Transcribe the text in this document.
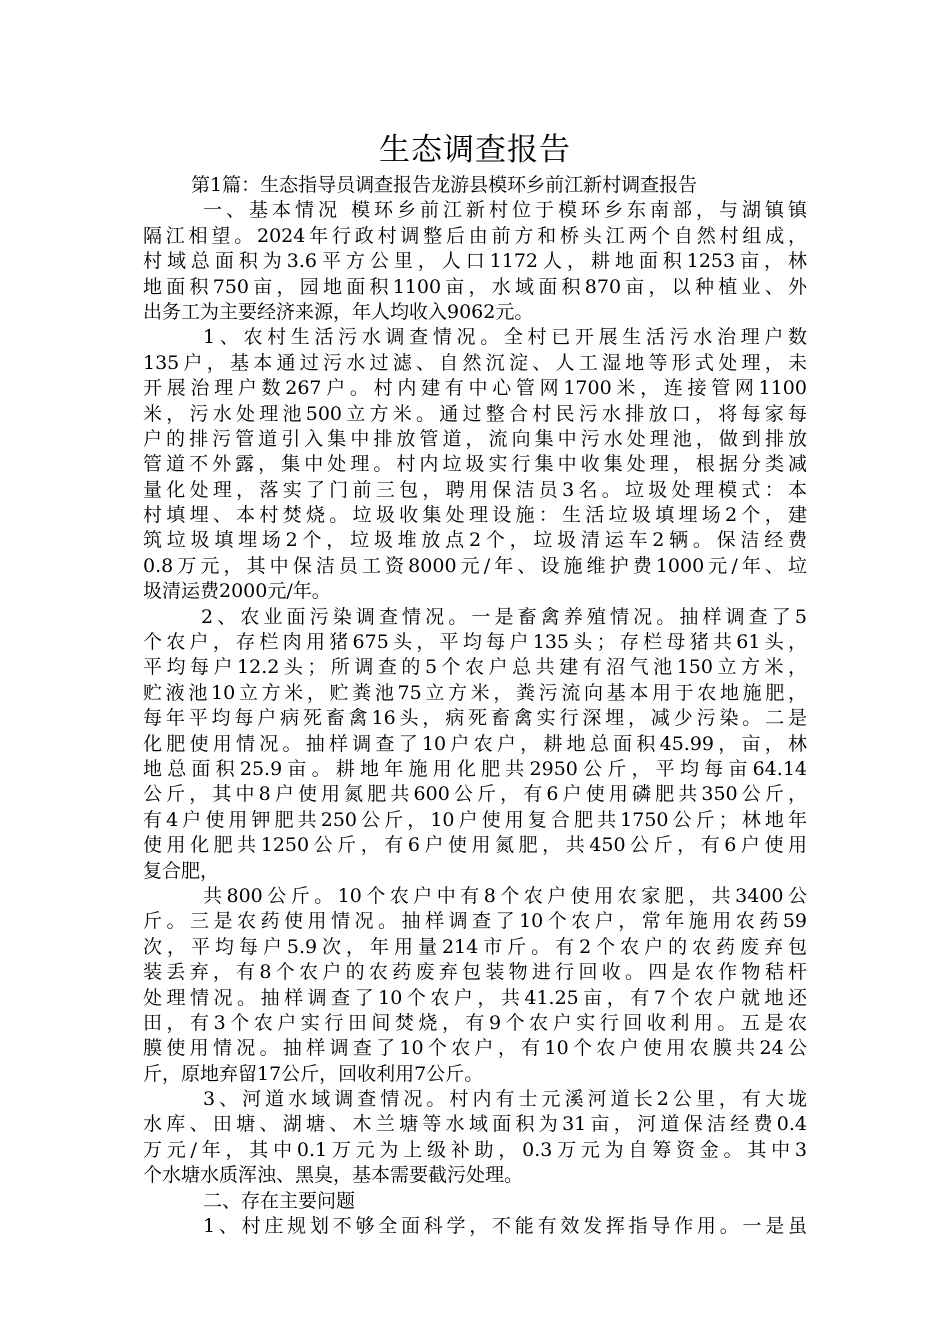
生态调查报告
第1篇：生态指导员调查报告龙游县模环乡前江新村调查报告
一、基本情况 模环乡前江新村位于模环乡东南部，与湖镇镇
隔江相望。2024年行政村调整后由前方和桥头江两个自然村组成，
村域总面积为3.6平方公里，人口1172人，耕地面积1253亩，林
地面积750亩，园地面积1100亩，水域面积870亩，以种植业、外
出务工为主要经济来源，年人均收入9062元。
1、农村生活污水调查情况。全村已开展生活污水治理户数
135户，基本通过污水过滤、自然沉淀、人工湿地等形式处理，未
开展治理户数267户。村内建有中心管网1700米，连接管网1100
米，污水处理池500立方米。通过整合村民污水排放口，将每家每
户的排污管道引入集中排放管道，流向集中污水处理池，做到排放
管道不外露，集中处理。村内垃圾实行集中收集处理，根据分类减
量化处理，落实了门前三包，聘用保洁员3名。垃圾处理模式：本
村填埋、本村焚烧。垃圾收集处理设施：生活垃圾填埋场2个，建
筑垃圾填埋场2个，垃圾堆放点2个，垃圾清运车2辆。保洁经费
0.8万元，其中保洁员工资8000元/年、设施维护费1000元/年、垃
圾清运费2000元/年。
2、农业面污染调查情况。一是畜禽养殖情况。抽样调查了5
个农户，存栏肉用猪675头，平均每户135头；存栏母猪共61头，
平均每户12.2头；所调查的5个农户总共建有沼气池150立方米，
贮液池10立方米，贮粪池75立方米，粪污流向基本用于农地施肥，
每年平均每户病死畜禽16头，病死畜禽实行深埋，减少污染。二是
化肥使用情况。抽样调查了10户农户，耕地总面积45.99，亩，林
地总面积25.9亩。耕地年施用化肥共2950公斤，平均每亩64.14
公斤，其中8户使用氮肥共600公斤，有6户使用磷肥共350公斤，
有4户使用钾肥共250公斤，10户使用复合肥共1750公斤；林地年
使用化肥共1250公斤，有6户使用氮肥，共450公斤，有6户使用
复合肥，
共800公斤。10个农户中有8个农户使用农家肥，共3400公
斤。三是农药使用情况。抽样调查了10个农户，常年施用农药59
次，平均每户5.9次，年用量214市斤。有2个农户的农药废弃包
装丢弃，有8个农户的农药废弃包装物进行回收。四是农作物秸杆
处理情况。抽样调查了10个农户，共41.25亩，有7个农户就地还
田，有3个农户实行田间焚烧，有9个农户实行回收利用。五是农
膜使用情况。抽样调查了10个农户，有10个农户使用农膜共24公
斤，原地弃留17公斤，回收利用7公斤。
3、河道水域调查情况。村内有士元溪河道长2公里，有大垅
水库、田塘、湖塘、木兰塘等水域面积为31亩，河道保洁经费0.4
万元/年，其中0.1万元为上级补助，0.3万元为自筹资金。其中3
个水塘水质浑浊、黑臭，基本需要截污处理。
二、存在主要问题
1、村庄规划不够全面科学，不能有效发挥指导作用。一是虽
